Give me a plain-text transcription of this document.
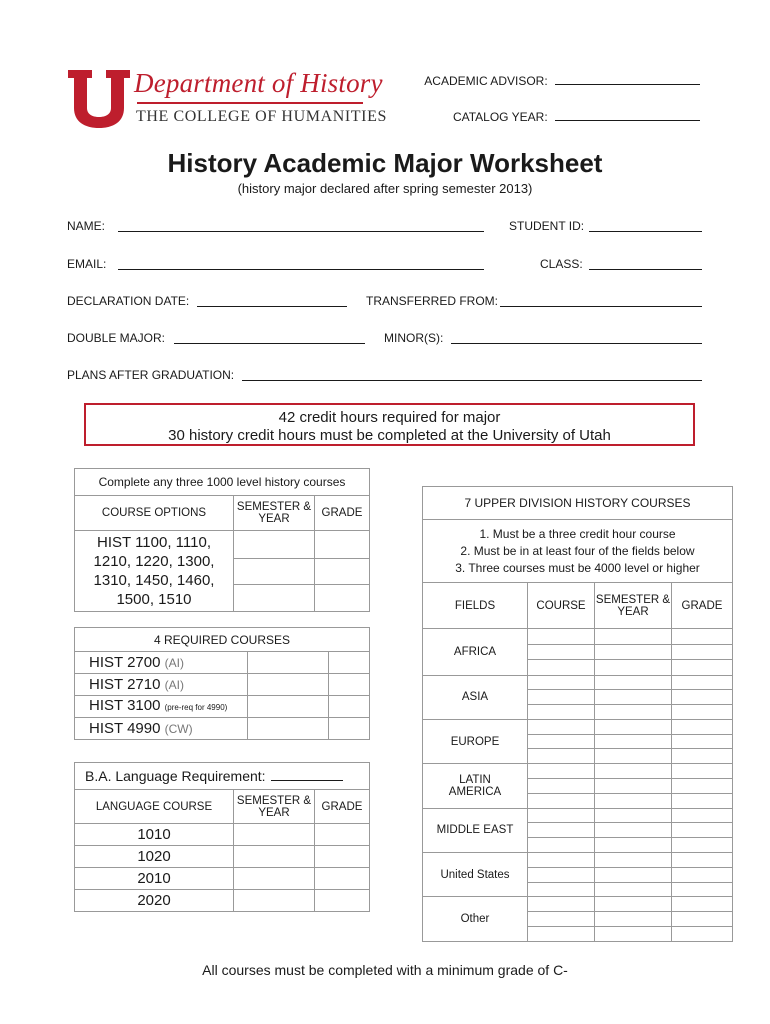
Department of History
THE COLLEGE OF HUMANITIES
ACADEMIC ADVISOR:
CATALOG YEAR:
History Academic Major Worksheet
(history major declared after spring semester 2013)
NAME:	STUDENT ID:
EMAIL:	CLASS:
DECLARATION DATE:	TRANSFERRED FROM:
DOUBLE MAJOR:	MINOR(S):
PLANS AFTER GRADUATION:
42 credit hours required for major
30 history credit hours must be completed at the University of Utah
Complete any three 1000 level history courses		
COURSE OPTIONS	SEMESTER & YEAR	GRADE
HIST 1100, 1110, 1210, 1220, 1300, 1310, 1450, 1460, 1500, 1510		

4 REQUIRED COURSES		
HIST 2700 (AI)		
HIST 2710 (AI)		
HIST 3100 (pre-req for 4990)		
HIST 4990 (CW)		
B.A. Language Requirement:		
LANGUAGE COURSE	SEMESTER & YEAR	GRADE
1010		
1020		
2010		
2020		
7 UPPER DIVISION HISTORY COURSES			

1. Must be a three credit hour course
2. Must be in at least four of the fields below
3. Three courses must be 4000 level or higher			

FIELDS	COURSE	SEMESTER & YEAR	GRADE
AFRICA			

ASIA			

EUROPE			

LATIN AMERICA			

MIDDLE EAST			

United States			

Other			

All courses must be completed with a minimum grade of C-
